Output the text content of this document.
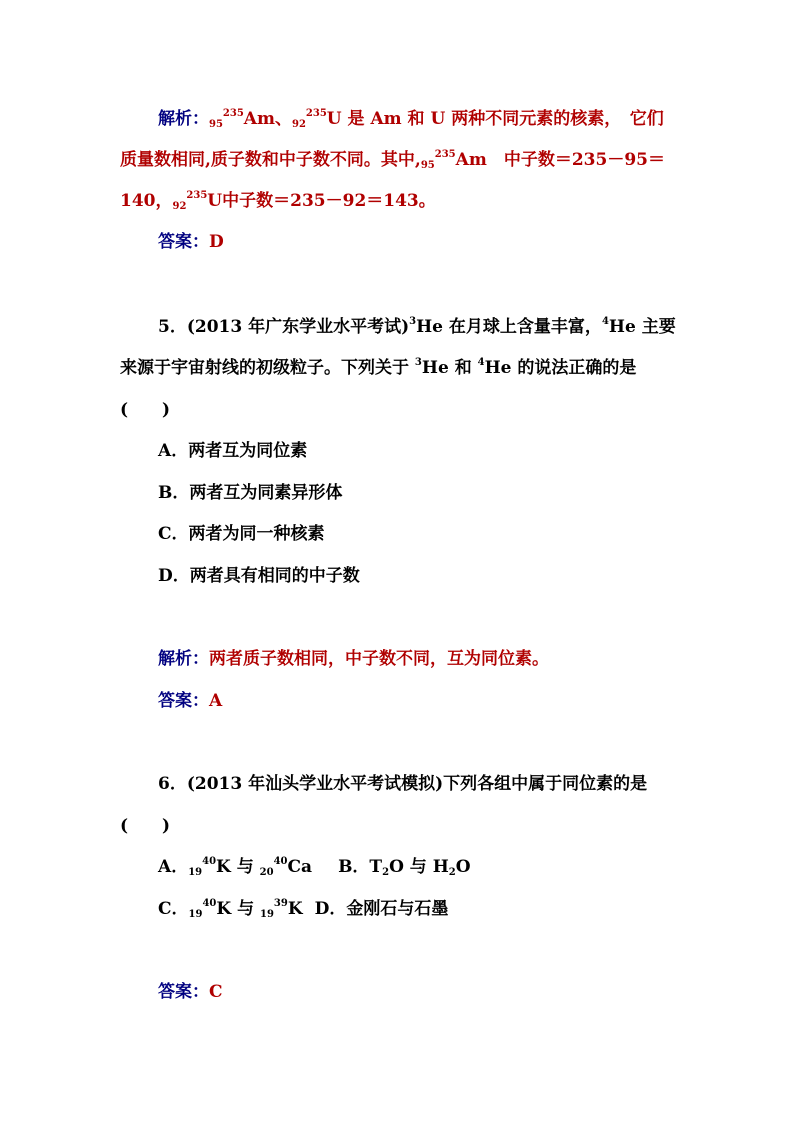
解析：$_{95}^{235}$Am、$_{92}^{235}$U 是 Am 和 U 两种不同元素的核素，　它们
质量数相同,质子数和中子数不同。其中$,_{95}^{235}Am$　中子数＝235－95＝
140，$_{92}^{235}$U中子数＝235－92＝143。
答案：D
5．(2013 年广东学业水平考试)$^3$He 在月球上含量丰富，$^4$He 主要
来源于宇宙射线的初级粒子。下列关于 $^3$He 和 $^4$He 的说法正确的是
(　　)
A．两者互为同位素
B．两者互为同素异形体
C．两者为同一种核素
D．两者具有相同的中子数
解析：两者质子数相同，中子数不同，互为同位素。
答案：A
6．(2013 年汕头学业水平考试模拟)下列各组中属于同位素的是
(　　)
A．$_{19}^{40}$K 与 $_{20}^{40}$Ca B．$T_2O$ 与 $H_2O$
C．$_{19}^{40}$K 与 $_{19}^{39}$K D．金刚石与石墨
答案：C
